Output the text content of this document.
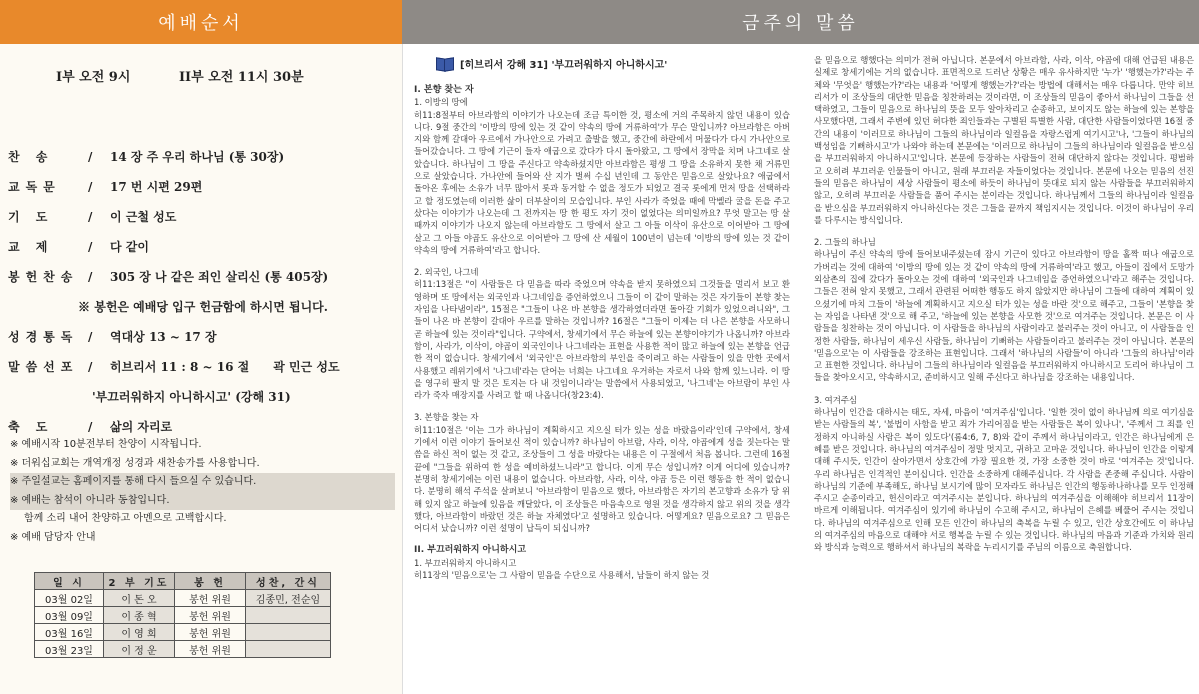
예배순서	금주의 말씀
I부 오전 9시	II부 오전 11시 30분
찬 송	/ 14 장 주 우리 하나님 (통 30장)
교독문 / 17 번 시편 29편
기 도	/ 이 근철 성도
교 제	/ 다 같이
봉헌찬송 / 305 장 나 같은 죄인 살리신 (통 405장)
※ 봉헌은 예배당 입구 헌금함에 하시면 됩니다.
성경통독 / 역대상 13 ~ 17 장
말씀선포 / 히브리서 11 : 8 ~ 16 절 곽 민근 성도
'부끄러워하지 아니하시고' (강해 31)
축 도	/ 삶의 자리로
※ 예배시작 10분전부터 찬양이 시작됩니다.
※ 더워십교회는 개역개정 성경과 새찬송가를 사용합니다.
※ 주일설교는 홈페이지를 통해 다시 들으실 수 있습니다.
※ 예배는 참석이 아니라 동참입니다.
함께 소리 내어 찬양하고 아멘으로 고백합시다.
※ 예배 담당자 안내
일 시	2 부 기도	봉 헌	성찬, 간식
03월 02일	이 돈 오	봉헌 위원	김종민, 전순임
03월 09일	이 종 혁	봉헌 위원	
03월 16일	이 영 희	봉헌 위원	
03월 23일	이 정 운	봉헌 위원	
[히브리서 강해 31] '부끄러워하지 아니하시고'

I. 본향 찾는 자

1. 이방의 땅에

히11:8절부터 아브라함의 이야기가 나오는데 조금 특이한 것, 평소에 거의 주목하지 않던 내용이 있습니다. 9절 중간의 '이방의 땅에 있는 것 같이 약속의 땅에 거류하여'가 무슨 말입니까? 아브라함은 아버지와 함께 갈대아 우르에서 가나안으로 가려고 출발을 했고, 중간에 하란에서 머물다가 다시 가나안으로 들어갔습니다. 그 땅에 기근이 들자 애굽으로 갔다가 다시 돌아왔고, 그 땅에서 장막을 치며 나그네로 살았습니다. 하나님이 그 땅을 주신다고 약속하셨지만 아브라함은 평생 그 땅을 소유하지 못한 채 거류민으로 살았습니다. 가나안에 들어와 산 지가 벌써 수십 년인데 그 동안은 믿음으로 살았나요? 애굽에서 돌아온 후에는 소유가 너무 많아서 롯과 동거할 수 없을 정도가 되었고 결국 롯에게 먼저 땅을 선택하라고 할 정도였는데 이러한 삶이 더부살이의 모습입니다. 부인 사라가 죽었을 때에 막벨라 굴을 돈을 주고 샀다는 이야기가 나오는데 그 전까지는 땅 한 평도 자기 것이 없었다는 의미일까요? 무엇 말고는 땅 살 때까지 이야기가 나오지 않는데 아브라함도 그 땅에서 살고 그 아들 이삭이 유산으로 이어받아 그 땅에 살고 그 아들 야곱도 유산으로 이어받아 그 땅에 산 세월이 100년이 넘는데 '이방의 땅에 있는 것 같이 약속의 땅에 거류하여'라고 합니다.

2. 외국인, 나그네

히11:13절은 "이 사람들은 다 믿음을 따라 죽었으며 약속을 받지 못하였으되 그것들을 멀리서 보고 환영하며 또 땅에서는 외국인과 나그네임을 증언하였으니 그들이 이 같이 말하는 것은 자기들이 본향 찾는 자임을 나타냄이라", 15절은 "그들이 나온 바 본향을 생각하였더라면 돌아갈 기회가 있었으려니와", 그들이 나온 바 본향이 갈대아 우르를 말하는 것입니까? 16절은 "그들이 이제는 더 나은 본향을 사모하니 곧 하늘에 있는 것이라"입니다. 구약에서, 창세기에서 무슨 하늘에 있는 본향이야기가 나옵니까? 아브라함이, 사라가, 이삭이, 야곱이 외국인이나 나그네라는 표현을 사용한 적이 많고 하늘에 있는 본향을 언급한 적이 없습니다. 창세기에서 '외국인'은 아브라함의 부인을 죽이려고 하는 사람들이 있을 만한 곳에서 사용했고 레위기에서 '나그네'라는 단어는 너희는 나그네요 우거하는 자로서 나와 함께 있느니라. 이 땅을 영구히 팔지 말 것은 토지는 다 내 것임이니라'는 말씀에서 사용되었고, '나그네'는 아브람이 부인 사라가 죽자 매장지를 사려고 할 때 나옵니다(창23:4).

3. 본향을 찾는 자

히11:10절은 '이는 그가 하나님이 계획하시고 지으실 터가 있는 성을 바랐음이라'인데 구약에서, 창세기에서 이런 이야기 들어보신 적이 있습니까? 하나님이 아브람, 사라, 이삭, 야곱에게 성을 짓는다는 말씀을 하신 적이 없는 것 같고, 조상들이 그 성을 바랐다는 내용은 이 구절에서 처음 봅니다. 그런데 16절 끝에 "그들을 위하여 한 성을 예비하셨느니라"고 합니다. 이게 무슨 성입니까? 이게 어디에 있습니까? 분명히 창세기에는 이런 내용이 없습니다. 아브라함, 사라, 이삭, 야곱 등은 이런 행동을 한 적이 없습니다. 분명히 해석 주석을 살펴보니 '아브라함이 믿음으로 했다, 아브라함은 자기의 본고향과 소유가 당 위해 있지 않고 하늘에 있음을 깨달았다, 이 조상들은 마음속으로 영원 것을 생각하지 않고 위의 것을 생각했다, 아브라함이 바랐던 것은 하늘 자체였다'고 설명하고 있습니다. 어떻게요? 믿음으로요? 그 믿음은 어디서 났습니까? 이런 설명이 납득이 되십니까?

II. 부끄러워하지 아니하시고

1. 부끄러워하지 아니하시고

히11장의 '믿음으로'는 그 사람이 믿음을 수단으로 사용해서, 남들이 하지 않는 것

을 믿음으로 행했다는 의미가 전혀 아닙니다. 본문에서 아브라함, 사라, 이삭, 야곱에 대해 언급된 내용은 실제로 창세기에는 거의 없습니다. 표면적으로 드러난 상황은 매우 유사하지만 '누가' '행했는가?'라는 주체와 '무엇을' 행했는가?'라는 내용과 '어떻게 행했는가?'라는 방법에 대해서는 매우 다릅니다. 만약 히브리서가 이 조상들의 대단한 믿음을 칭찬하려는 것이라면, 이 조상들의 믿음이 좋아서 하나님이 그들을 선택하였고, 그들이 믿음으로 하나님의 뜻을 모두 알아차리고 순종하고, 보이지도 않는 하늘에 있는 본향을 사모했다면, 그래서 주변에 있던 허다한 죄인들과는 구별된 특별한 사람, 대단한 사람들이었다면 16절 중간의 내용이 '이러므로 하나님이 그들의 하나님이라 일컬음을 자랑스럽게 여기시고'나, '그들이 하나님의 백성임을 기뻐하시고'가 나와야 하는데 본문에는 '이러므로 하나님이 그들의 하나님이라 일컬음을 받으심을 부끄러워하지 아니하시고'입니다. 본문에 등장하는 사람들이 전혀 대단하지 않다는 것입니다. 평범하고 오히려 부끄러운 인물들이 아니고, 원래 부끄러운 자들이었다는 것입니다. 본문에 나오는 믿음의 선진들의 믿음은 하나님이 세상 사람들이 평소에 하듯이 하나님이 뜻대로 되지 않는 사람들을 부끄러워하지 않고, 오히려 부끄러운 사람들을 품어 주시는 분이라는 것입니다. 하나님께서 그들의 하나님이라 일컬음을 받으심을 부끄러워하지 아니하신다는 것은 그들을 끝까지 책임지시는 것입니다. 이것이 하나님이 우리를 다루시는 방식입니다.

2. 그들의 하나님

하나님이 주신 약속의 땅에 들어보내주셨는데 잠시 기근이 있다고 아브라함이 땅을 홀짝 떠나 애굽으로 가버리는 것에 대하여 '이방의 땅에 있는 것 같이 약속의 땅에 거류하여'라고 했고, 아들이 집에서 도망가 외삼촌의 집에 갔다가 돌아오는 것에 대하여 '외국인과 나그네임을 증언하였으니'라고 해주는 것입니다. 그들은 전혀 알지 못했고, 그래서 관련된 어떠한 행동도 하지 않았지만 하나님이 그들에 대하여 계획이 있으셨기에 마치 그들이 '하늘에 계획하시고 지으실 터가 있는 성을 바란 것'으로 해주고, 그들이 '본향을 찾는 자임을 나타낸 것'으로 해 주고, '하늘에 있는 본향을 사모한 것'으로 여겨주는 것입니다. 본문은 이 사람들을 칭찬하는 것이 아닙니다. 이 사람들을 하나님의 사람이라고 불러주는 것이 아니고, 이 사람들을 인정한 사람들, 하나님이 세우신 사람들, 하나님이 기뻐하는 사람들이라고 불러주는 것이 아닙니다. 본문의 '믿음으로'는 이 사람들을 강조하는 표현입니다. 그래서 '하나님의 사람들'이 아니라 '그들의 하나님'이라고 표현한 것입니다. 하나님이 그들의 하나님이라 일컬음을 부끄러워하지 아니하시고 도리어 하나님이 그들을 찾아오시고, 약속하시고, 준비하시고 일해 주신다고 하나님을 강조하는 내용입니다.

3. 여겨주심

하나님이 인간을 대하시는 태도, 자세, 마음이 '여겨주심'입니다. '일한 것이 없이 하나님께 의로 여기심을 받는 사람들의 복', '불법이 사함을 받고 죄가 가리어짐을 받는 사람들은 복이 있나니', '주께서 그 죄를 인정하지 아니하실 사람은 복이 있도다'(롬4:6, 7, 8)와 같이 주께서 하나님이라고, 인간은 하나님에게 은혜를 받은 것입니다. 하나님의 여겨주심이 정말 멋지고, 귀하고 고마운 것입니다. 하나님이 인간을 이렇게 대해 주시듯, 인간이 살아가면서 상호간에 가장 필요한 것, 가장 소중한 것이 바로 '여겨주는 것'입니다. 우리 하나님은 인격적인 분이십니다. 인간을 소중하게 대해주십니다. 각 사람을 존중해 주십니다. 사람이 하나님의 기준에 부족해도, 하나님 보시기에 많이 모자라도 하나님은 인간의 행동하나하나를 모두 인정해주시고 순종이라고, 헌신이라고 여겨주시는 분입니다. 하나님의 여겨주심을 이해해야 히브리서 11장이 바르게 이해됩니다. 여겨주심이 있기에 하나님이 수고해 주시고, 하나님이 은혜를 베풀어 주시는 것입니다. 하나님의 여겨주심으로 인해 모든 인간이 하나님의 축복을 누릴 수 있고, 인간 상호간에도 이 하나님의 여겨주심의 마음으로 대해야 서로 행복을 누릴 수 있는 것입니다. 하나님의 마음과 기준과 가치와 원리와 방식과 능력으로 행하셔서 하나님의 복락을 누리시기를 주님의 이름으로 축원합니다.
